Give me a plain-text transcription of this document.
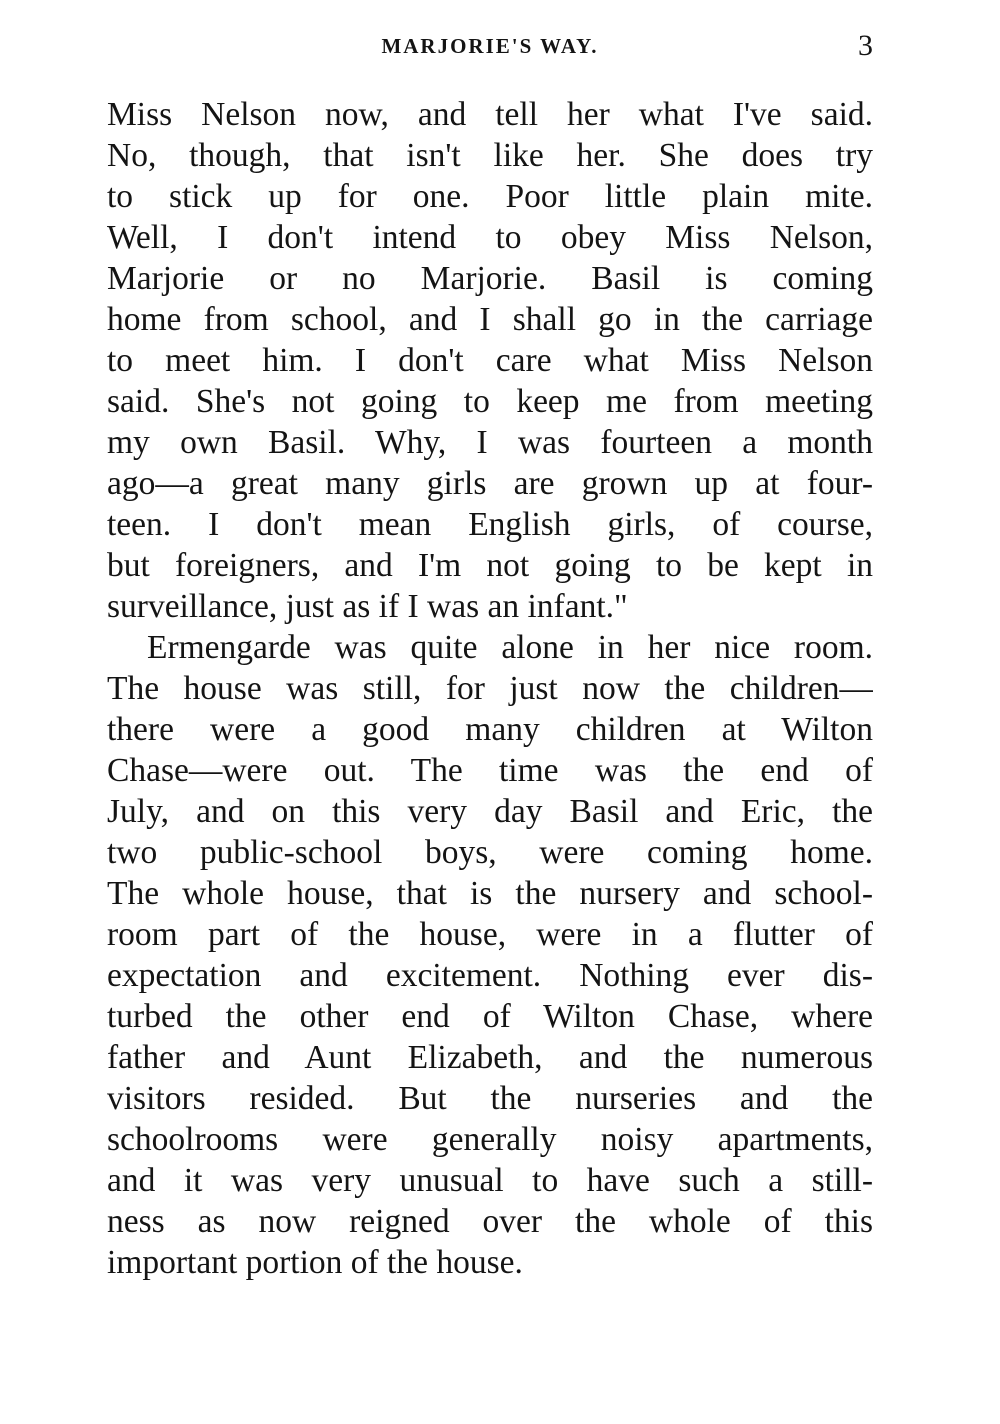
MARJORIE'S WAY.	3
Miss Nelson now, and tell her what I've said.
No, though, that isn't like her. She does try
to stick up for one. Poor little plain mite.
Well, I don't intend to obey Miss Nelson,
Marjorie or no Marjorie. Basil is coming
home from school, and I shall go in the carriage
to meet him. I don't care what Miss Nelson
said. She's not going to keep me from meeting
my own Basil. Why, I was fourteen a month
ago—a great many girls are grown up at four-
teen. I don't mean English girls, of course,
but foreigners, and I'm not going to be kept in
surveillance, just as if I was an infant."
Ermengarde was quite alone in her nice room.
The house was still, for just now the children—
there were a good many children at Wilton
Chase—were out. The time was the end of
July, and on this very day Basil and Eric, the
two public-school boys, were coming home.
The whole house, that is the nursery and school-
room part of the house, were in a flutter of
expectation and excitement. Nothing ever dis-
turbed the other end of Wilton Chase, where
father and Aunt Elizabeth, and the numerous
visitors resided. But the nurseries and the
schoolrooms were generally noisy apartments,
and it was very unusual to have such a still-
ness as now reigned over the whole of this
important portion of the house.
